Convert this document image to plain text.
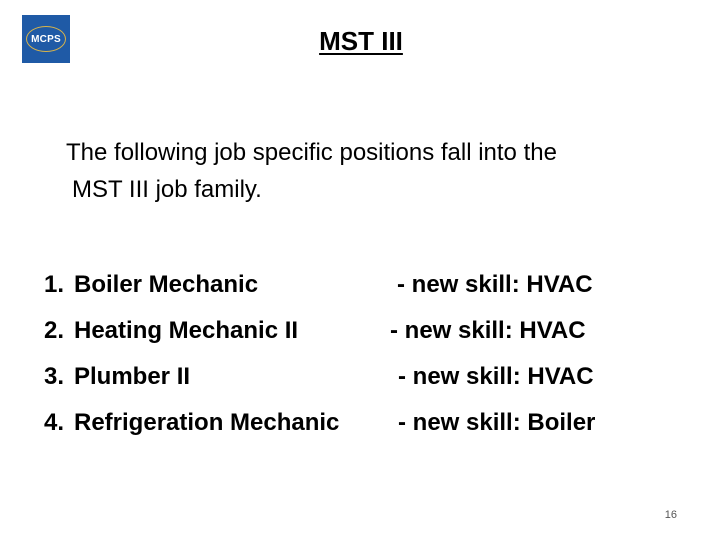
MCPS	MST III
The following job specific positions fall into the
MST III job family.
1. Boiler Mechanic	- new skill: HVAC
2. Heating Mechanic II	- new skill: HVAC
3. Plumber II	- new skill: HVAC
4. Refrigeration Mechanic - new skill: Boiler
16
